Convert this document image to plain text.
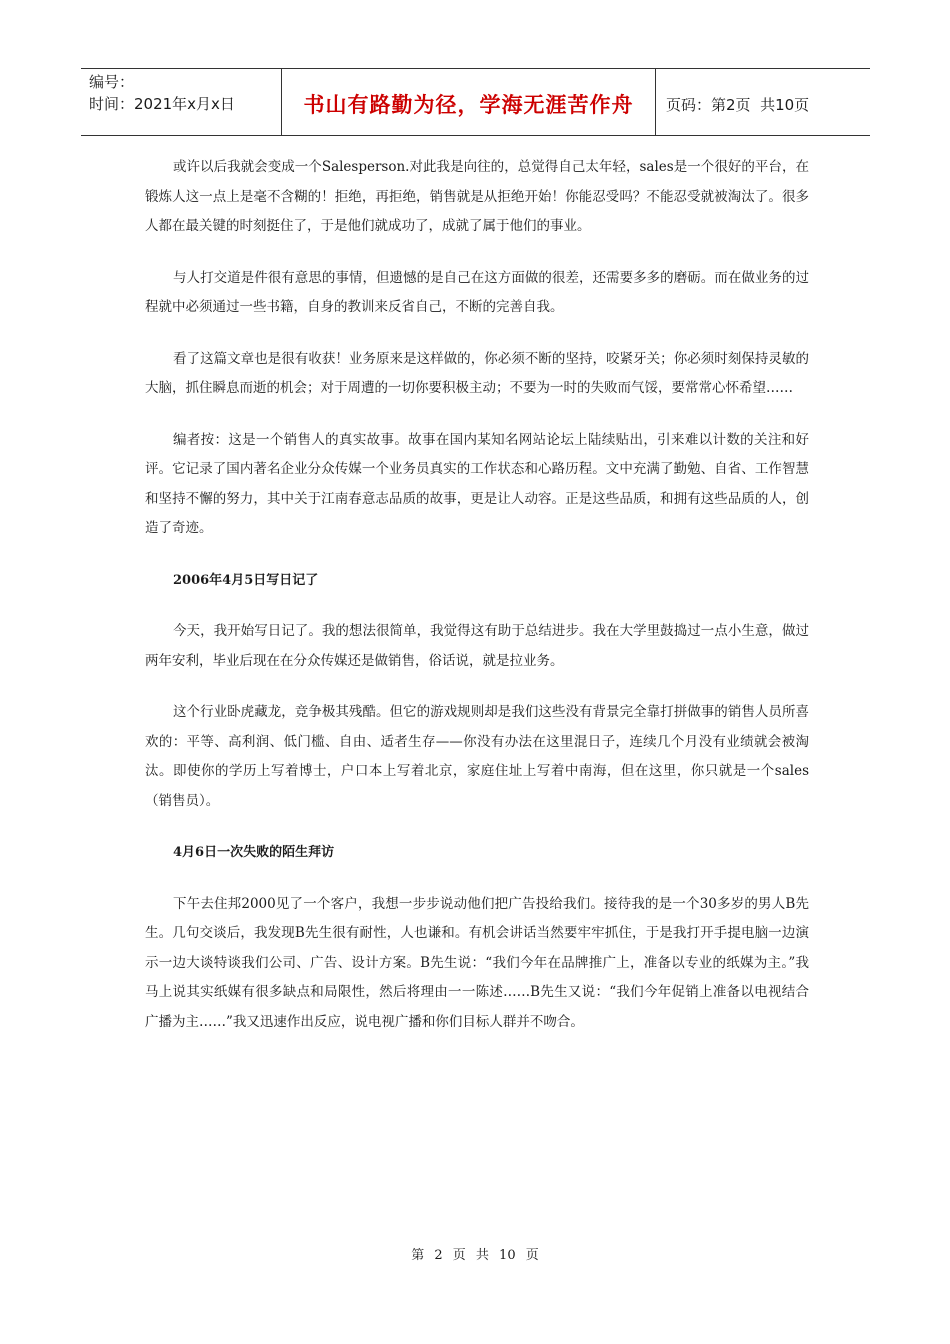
编号：
时间：2021年x月x日	书山有路勤为径，学海无涯苦作舟	页码：第2页  共10页

或许以后我就会变成一个Salesperson.对此我是向往的，总觉得自己太年轻，sales是一个很好的平台，在锻炼人这一点上是毫不含糊的！拒绝，再拒绝，销售就是从拒绝开始！你能忍受吗？不能忍受就被淘汰了。很多人都在最关键的时刻挺住了，于是他们就成功了，成就了属于他们的事业。

与人打交道是件很有意思的事情，但遗憾的是自己在这方面做的很差，还需要多多的磨砺。而在做业务的过程就中必须通过一些书籍，自身的教训来反省自己，不断的完善自我。

看了这篇文章也是很有收获！业务原来是这样做的，你必须不断的坚持，咬紧牙关；你必须时刻保持灵敏的大脑，抓住瞬息而逝的机会；对于周遭的一切你要积极主动；不要为一时的失败而气馁，要常常心怀希望……

编者按：这是一个销售人的真实故事。故事在国内某知名网站论坛上陆续贴出，引来难以计数的关注和好评。它记录了国内著名企业分众传媒一个业务员真实的工作状态和心路历程。文中充满了勤勉、自省、工作智慧和坚持不懈的努力，其中关于江南春意志品质的故事，更是让人动容。正是这些品质，和拥有这些品质的人，创造了奇迹。

2006年4月5日写日记了

今天，我开始写日记了。我的想法很简单，我觉得这有助于总结进步。我在大学里鼓捣过一点小生意，做过两年安利，毕业后现在在分众传媒还是做销售，俗话说，就是拉业务。

这个行业卧虎藏龙，竞争极其残酷。但它的游戏规则却是我们这些没有背景完全靠打拼做事的销售人员所喜欢的：平等、高利润、低门槛、自由、适者生存——你没有办法在这里混日子，连续几个月没有业绩就会被淘汰。即使你的学历上写着博士，户口本上写着北京，家庭住址上写着中南海，但在这里，你只就是一个sales（销售员）。

4月6日一次失败的陌生拜访

下午去住邦2000见了一个客户，我想一步步说动他们把广告投给我们。接待我的是一个30多岁的男人B先生。几句交谈后，我发现B先生很有耐性，人也谦和。有机会讲话当然要牢牢抓住，于是我打开手提电脑一边演示一边大谈特谈我们公司、广告、设计方案。B先生说：“我们今年在品牌推广上，准备以专业的纸媒为主。”我马上说其实纸媒有很多缺点和局限性，然后将理由一一陈述……B先生又说：“我们今年促销上准备以电视结合广播为主……”我又迅速作出反应，说电视广播和你们目标人群并不吻合。

第 2 页 共 10 页
